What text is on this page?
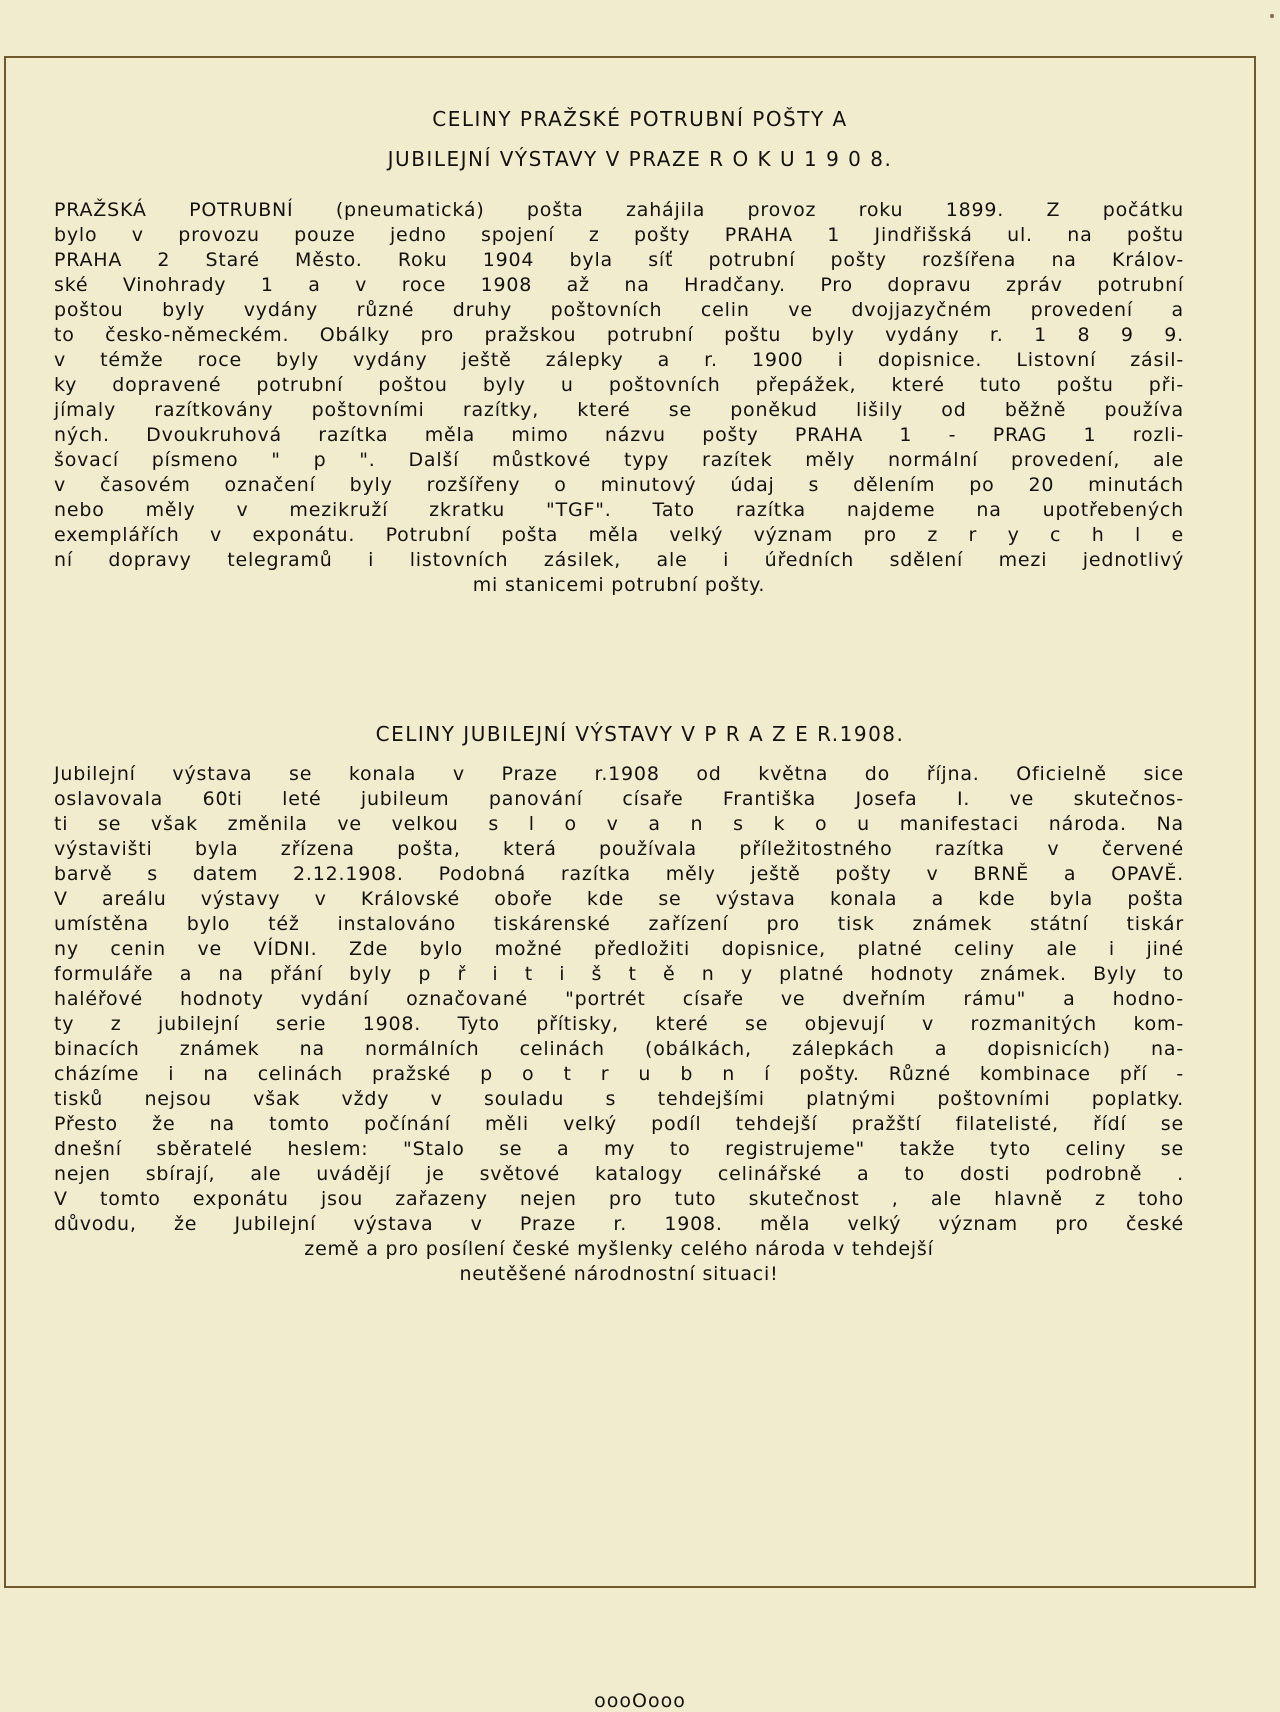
CELINY PRAŽSKÉ POTRUBNÍ POŠTY A
JUBILEJNÍ VÝSTAVY V PRAZE R O K U 1 9 0 8.
PRAŽSKÁ POTRUBNÍ (pneumatická) pošta zahájila provoz roku 1899. Z počátku
bylo v provozu pouze jedno spojení z pošty PRAHA 1 Jindřišská ul. na poštu
PRAHA 2 Staré Město. Roku 1904 byla síť potrubní pošty rozšířena na Králov-
ské Vinohrady 1 a v roce 1908 až na Hradčany. Pro dopravu zpráv potrubní
poštou byly vydány různé druhy poštovních celin ve dvojjazyčném provedení a
to česko-německém. Obálky pro pražskou potrubní poštu byly vydány r. 1 8 9 9.
v témže roce byly vydány ještě zálepky a r. 1900 i dopisnice. Listovní zásil-
ky dopravené potrubní poštou byly u poštovních přepážek, které tuto poštu při-
jímaly razítkovány poštovními razítky, které se poněkud lišily od běžně používa
ných. Dvoukruhová razítka měla mimo názvu pošty PRAHA 1 - PRAG 1 rozli-
šovací písmeno " p ". Další můstkové typy razítek měly normální provedení, ale
v časovém označení byly rozšířeny o minutový údaj s dělením po 20 minutách
nebo měly v mezikruží zkratku "TGF". Tato razítka najdeme na upotřebených
exemplářích v exponátu. Potrubní pošta měla velký význam pro z r y c h l e
ní dopravy telegramů i listovních zásilek, ale i úředních sdělení mezi jednotlivý
mi stanicemi potrubní pošty.
CELINY JUBILEJNÍ VÝSTAVY V P R A Z E R.1908.
Jubilejní výstava se konala v Praze r.1908 od května do října. Oficielně sice
oslavovala 60ti leté jubileum panování císaře Františka Josefa I. ve skutečnos-
ti se však změnila ve velkou s l o v a n s k o u manifestaci národa. Na
výstavišti byla zřízena pošta, která používala příležitostného razítka v červené
barvě s datem 2.12.1908. Podobná razítka měly ještě pošty v BRNĚ a OPAVĚ.
V areálu výstavy v Královské oboře kde se výstava konala a kde byla pošta
umístěna bylo též instalováno tiskárenské zařízení pro tisk známek státní tiskár
ny cenin ve VÍDNI. Zde bylo možné předložiti dopisnice, platné celiny ale i jiné
formuláře a na přání byly p ř i t i š t ě n y platné hodnoty známek. Byly to
haléřové hodnoty vydání označované "portrét císaře ve dveřním rámu" a hodno-
ty z jubilejní serie 1908. Tyto přítisky, které se objevují v rozmanitých kom-
binacích známek na normálních celinách (obálkách, zálepkách a dopisnicích) na-
cházíme i na celinách pražské p o t r u b n í pošty. Různé kombinace pří -
tisků nejsou však vždy v souladu s tehdejšími platnými poštovními poplatky.
Přesto že na tomto počínání měli velký podíl tehdejší pražští filatelisté, řídí se
dnešní sběratelé heslem: "Stalo se a my to registrujeme" takže tyto celiny se
nejen sbírají, ale uvádějí je světové katalogy celinářské a to dosti podrobně .
V tomto exponátu jsou zařazeny nejen pro tuto skutečnost , ale hlavně z toho
důvodu, že Jubilejní výstava v Praze r. 1908. měla velký význam pro české
země a pro posílení české myšlenky celého národa v tehdejší
neutěšené národnostní situaci!
oooOooo
